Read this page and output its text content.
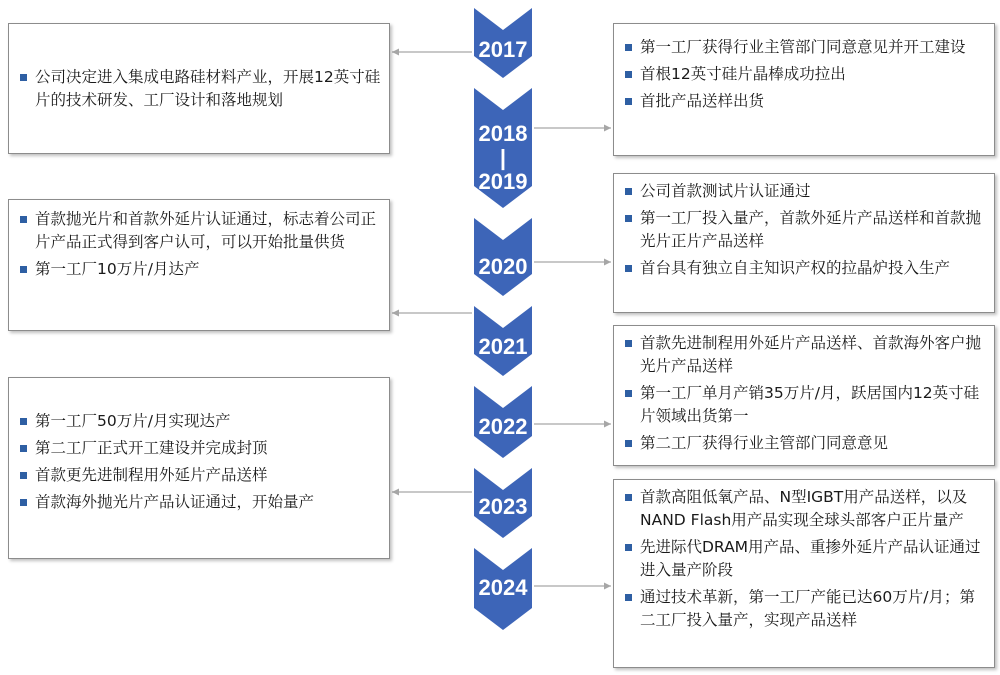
2017
2018
|
2019
2020
2021
2022
2023
2024
公司决定进入集成电路硅材料产业，开展12英寸硅片的技术研发、工厂设计和落地规划
首款抛光片和首款外延片认证通过，标志着公司正片产品正式得到客户认可，可以开始批量供货
第一工厂10万片/月达产
第一工厂50万片/月实现达产
第二工厂正式开工建设并完成封顶
首款更先进制程用外延片产品送样
首款海外抛光片产品认证通过，开始量产
第一工厂获得行业主管部门同意意见并开工建设
首根12英寸硅片晶棒成功拉出
首批产品送样出货
公司首款测试片认证通过
第一工厂投入量产，首款外延片产品送样和首款抛光片正片产品送样
首台具有独立自主知识产权的拉晶炉投入生产
首款先进制程用外延片产品送样、首款海外客户抛光片产品送样
第一工厂单月产销35万片/月，跃居国内12英寸硅片领域出货第一
第二工厂获得行业主管部门同意意见
首款高阻低氧产品、N型IGBT用产品送样，以及NAND Flash用产品实现全球头部客户正片量产
先进际代DRAM用产品、重掺外延片产品认证通过进入量产阶段
通过技术革新，第一工厂产能已达60万片/月；第二工厂投入量产，实现产品送样
